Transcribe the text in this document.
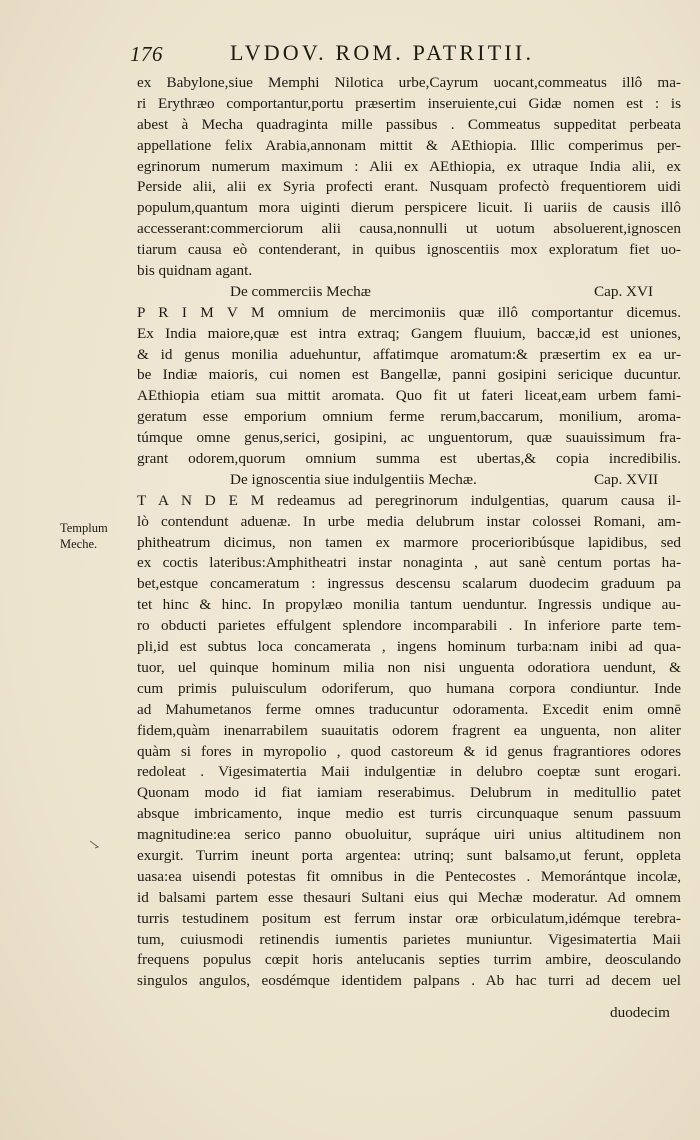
176	LVDOV. ROM. PATRITII.
Templum
Meche.
ex Babylone,siue Memphi Nilotica urbe,Cayrum uocant,commeatus illô ma-
ri Erythræo comportantur,portu præsertim inseruiente,cui Gidæ nomen est : is
abest à Mecha quadraginta mille passibus . Commeatus suppeditat perbeata
appellatione felix Arabia,annonam mittit & AEthiopia. Illic comperimus per-
egrinorum numerum maximum : Alii ex AEthiopia, ex utraque India alii, ex
Persidе alii, alii ex Syria profecti erant. Nusquam profectò frequentiorem uidi
populum,quantum mora uiginti dierum perspicere licuit. Ii uariis de causis illô
accesserant:commerciorum alii causa,nonnulli ut uotum absoluerent,ignoscen
tiarum causa eò contenderant, in quibus ignoscentiis mox exploratum fiet uo-
bis quidnam agant.
De commerciis Mechæ	Cap. XVI
P R I M V M omnium de mercimoniis quæ illô comportantur dicemus.
Ex India maiore,quæ est intra extraq; Gangem fluuium, baccæ,id est uniones,
& id genus monilia aduehuntur, affatimque aromatum:& præsertim ex ea ur-
be Indiæ maioris, cui nomen est Bangellæ, panni gosipini sericique ducuntur.
AEthiopia etiam sua mittit aromata. Quo fit ut fateri liceat,eam urbem fami-
geratum esse emporium omnium ferme rerum,baccarum, monilium, aroma-
túmque omne genus,serici, gosipini, ac unguentorum, quæ suauissimum fra-
grant odorem,quorum omnium summa est ubertas,& copia incredibilis.
De ignoscentia siue indulgentiis Mechæ.	Cap. XVII
T A N D E M redeamus ad peregrinorum indulgentias, quarum causa il-
lò contendunt aduenæ. In urbe media delubrum instar colossei Romani, am-
phitheatrum dicimus, non tamen ex marmore procerioribúsque lapidibus, sed
ex coctis lateribus:Amphitheatri instar nonaginta , aut sanè centum portas ha-
bet,estque concameratum : ingressus descensu scalarum duodecim graduum pa
tet hinc & hinc. In propylæo monilia tantum uenduntur. Ingressis undique au-
ro obducti parietes effulgent splendore incomparabili . In inferiore parte tem-
pli,id est subtus loca concamerata , ingens hominum turba:nam inibi ad qua-
tuor, uel quinque hominum milia non nisi unguenta odoratiora uendunt, &
cum primis puluisculum odoriferum, quo humana corpora condiuntur. Inde
ad Mahumetanos ferme omnes traducuntur odoramenta. Excedit enim omnē
fidem,quàm inenarrabilem suauitatis odorem fragrent ea unguenta, non aliter
quàm si fores in myropolio , quod castoreum & id genus fragrantiores odores
redoleat . Vigesimatertia Maii indulgentiæ in delubro coeptæ sunt erogari.
Quonam modo id fiat iamiam reserabimus. Delubrum in meditullio patet
absque imbricamento, inque medio est turris circunquaque senum passuum
magnitudine:ea serico panno obuoluitur, supráque uiri unius altitudinem non
exurgit. Turrim ineunt porta argentea: utrinq; sunt balsamo,ut ferunt, oppleta
uasa:ea uisendi potestas fit omnibus in die Pentecostes . Memorántque incolæ,
id balsami partem esse thesauri Sultani eius qui Mechæ moderatur. Ad omnem
turris testudinem positum est ferrum instar oræ orbiculatum,idémque terebra-
tum, cuiusmodi retinendis iumentis parietes muniuntur. Vigesimatertia Maii
frequens populus cœpit horis antelucanis septies turrim ambire, deosculando
singulos angulos, eosdémque identidem palpans . Ab hac turri ad decem uel
duodecim
